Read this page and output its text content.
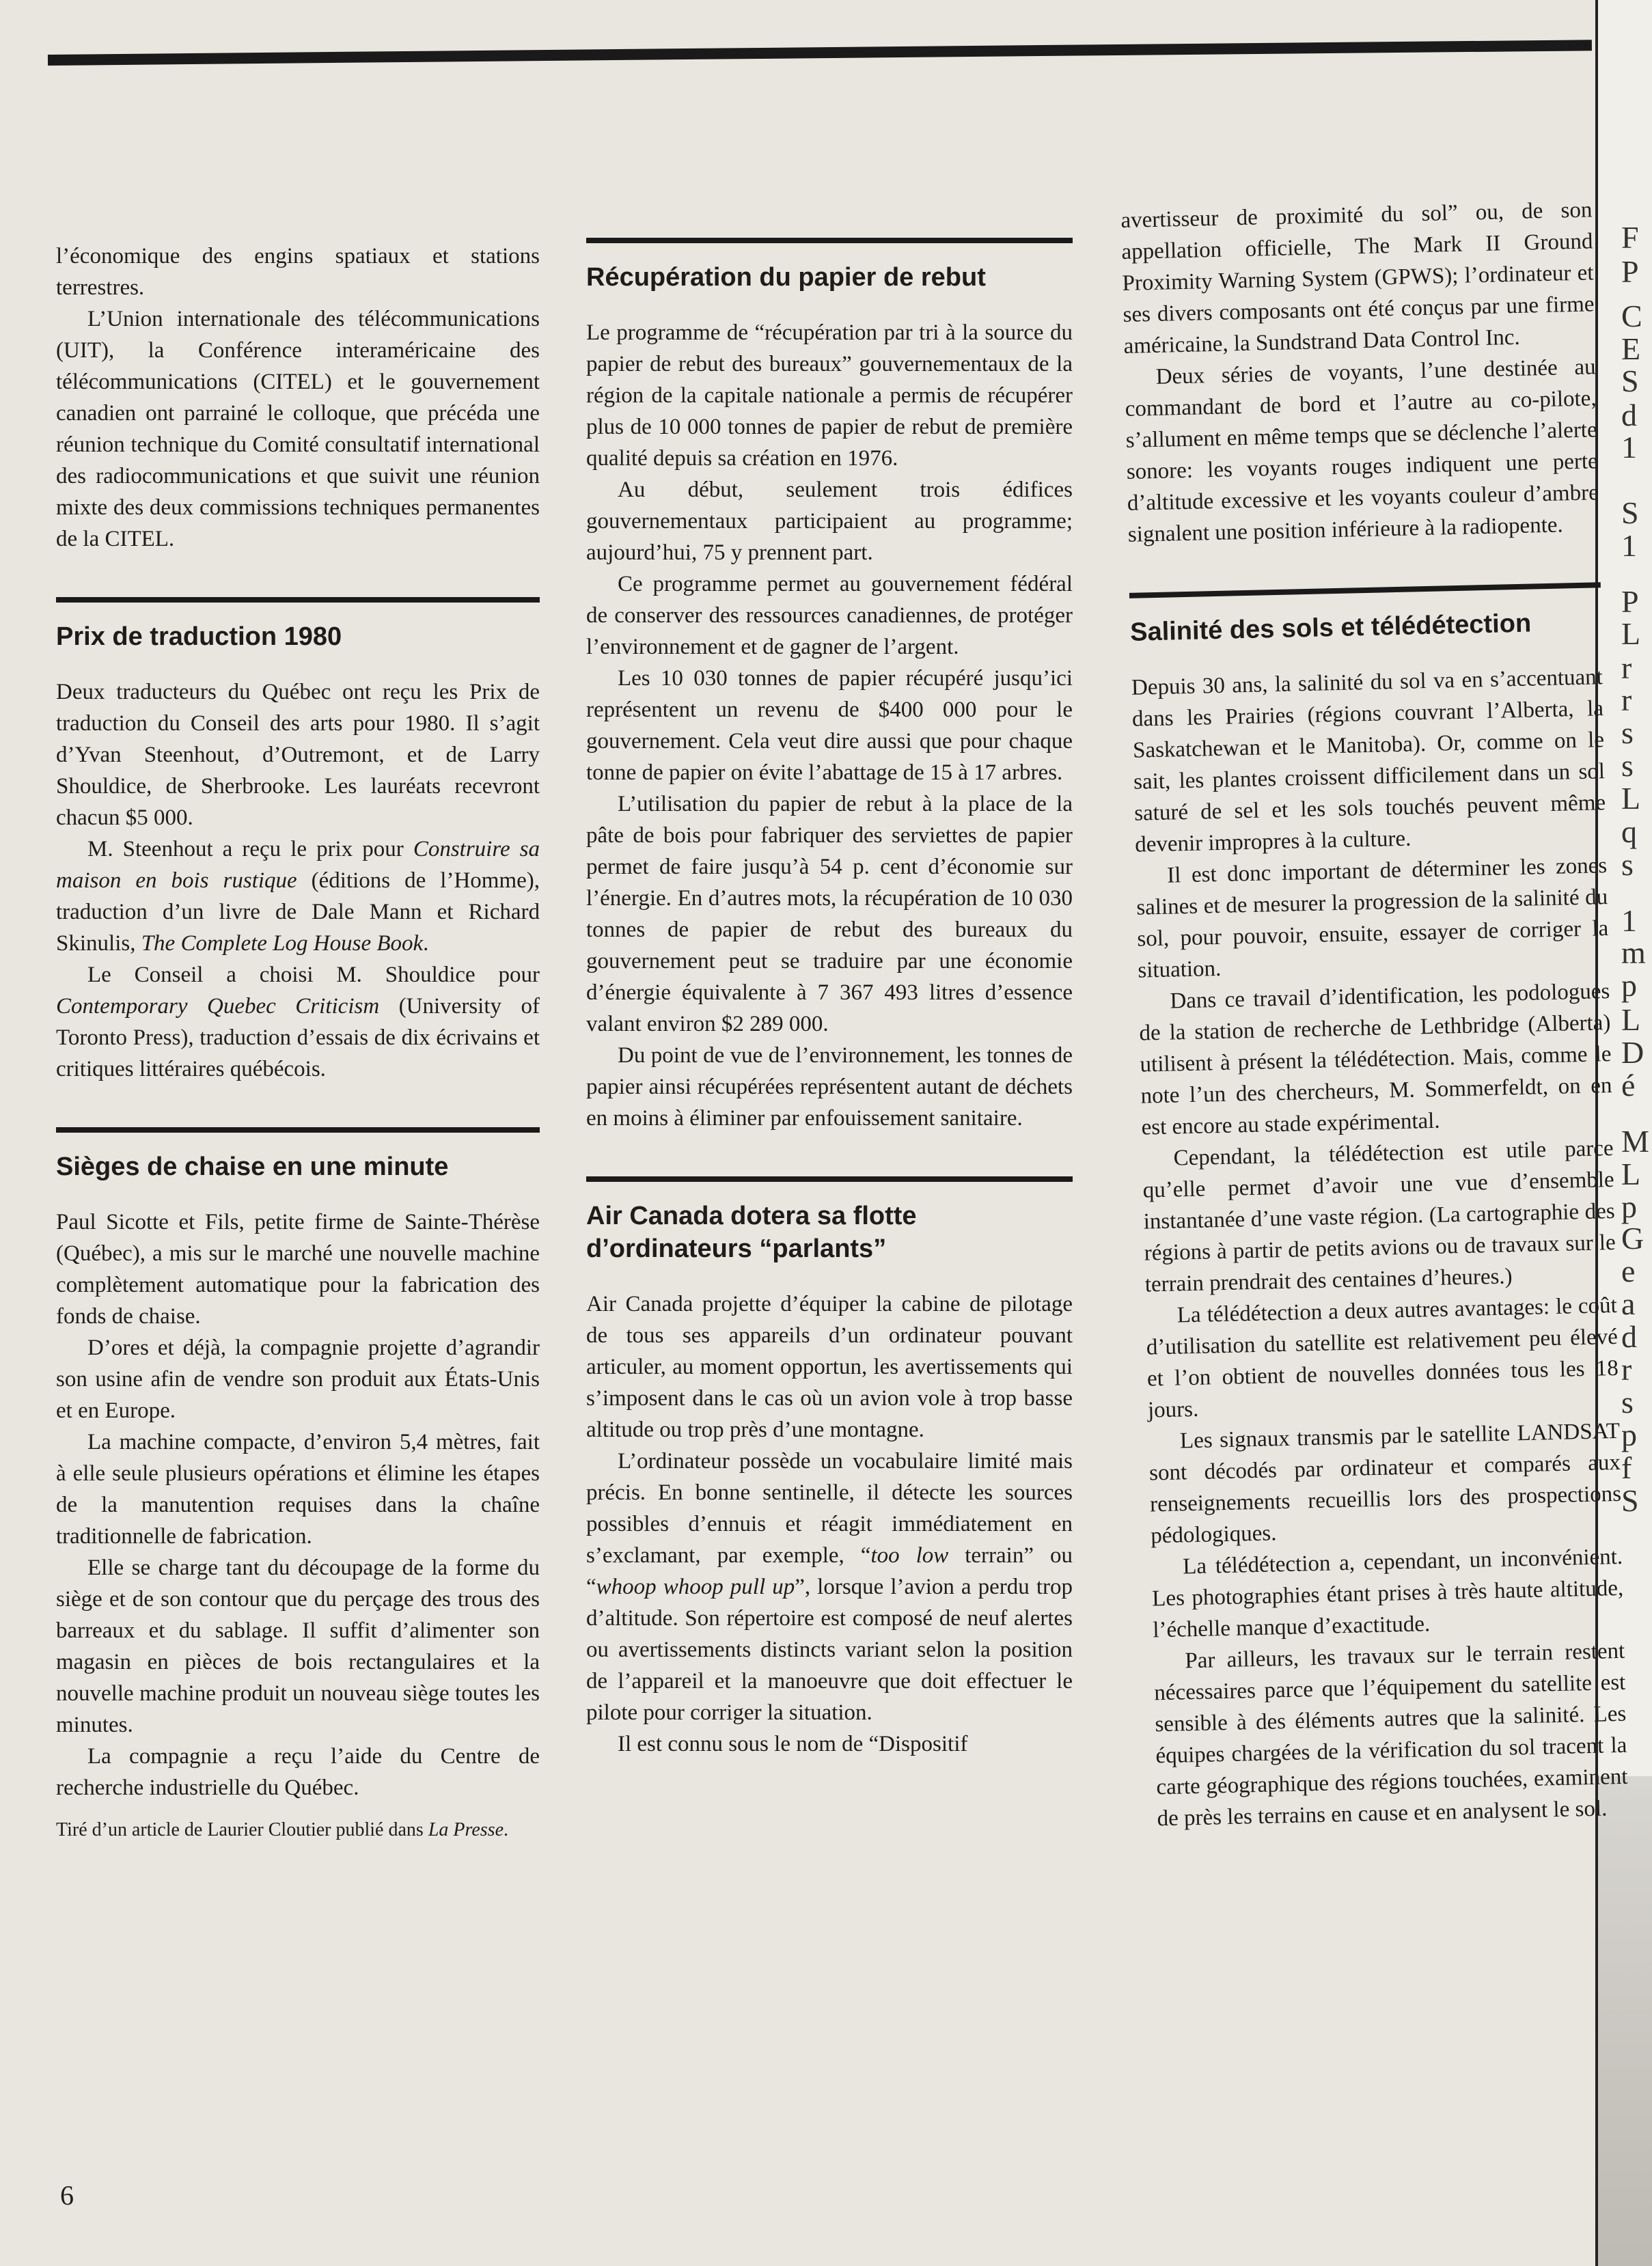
F
P
C
E
S
d
1
S
1
P
L
r
r
s
s
L
q
s
1
m
p
L
D
é
M
L
p
G
e
a
d
r
s
p
f
S

l’économique des engins spatiaux et stations terrestres.

L’Union internationale des télécommunications (UIT), la Conférence interaméricaine des télécommunications (CITEL) et le gouvernement canadien ont parrainé le colloque, que précéda une réunion technique du Comité consultatif international des radiocommunications et que suivit une réunion mixte des deux commissions techniques permanentes de la CITEL.

Prix de traduction 1980

Deux traducteurs du Québec ont reçu les Prix de traduction du Conseil des arts pour 1980. Il s’agit d’Yvan Steenhout, d’Outremont, et de Larry Shouldice, de Sherbrooke. Les lauréats recevront chacun $5 000.

M. Steenhout a reçu le prix pour Construire sa maison en bois rustique (éditions de l’Homme), traduction d’un livre de Dale Mann et Richard Skinulis, The Complete Log House Book.

Le Conseil a choisi M. Shouldice pour Contemporary Quebec Criticism (University of Toronto Press), traduction d’essais de dix écrivains et critiques littéraires québécois.

Sièges de chaise en une minute

Paul Sicotte et Fils, petite firme de Sainte-Thérèse (Québec), a mis sur le marché une nouvelle machine complètement automatique pour la fabrication des fonds de chaise.

D’ores et déjà, la compagnie projette d’agrandir son usine afin de vendre son produit aux États-Unis et en Europe.

La machine compacte, d’environ 5,4 mètres, fait à elle seule plusieurs opérations et élimine les étapes de la manutention requises dans la chaîne traditionnelle de fabrication.

Elle se charge tant du découpage de la forme du siège et de son contour que du perçage des trous des barreaux et du sablage. Il suffit d’alimenter son magasin en pièces de bois rectangulaires et la nouvelle machine produit un nouveau siège toutes les minutes.

La compagnie a reçu l’aide du Centre de recherche industrielle du Québec.

Tiré d’un article de Laurier Cloutier publié dans La Presse.

Récupération du papier de rebut

Le programme de “récupération par tri à la source du papier de rebut des bureaux” gouvernementaux de la région de la capitale nationale a permis de récupérer plus de 10 000 tonnes de papier de rebut de première qualité depuis sa création en 1976.

Au début, seulement trois édifices gouvernementaux participaient au programme; aujourd’hui, 75 y prennent part.

Ce programme permet au gouvernement fédéral de conserver des ressources canadiennes, de protéger l’environnement et de gagner de l’argent.

Les 10 030 tonnes de papier récupéré jusqu’ici représentent un revenu de $400 000 pour le gouvernement. Cela veut dire aussi que pour chaque tonne de papier on évite l’abattage de 15 à 17 arbres.

L’utilisation du papier de rebut à la place de la pâte de bois pour fabriquer des serviettes de papier permet de faire jusqu’à 54 p. cent d’économie sur l’énergie. En d’autres mots, la récupération de 10 030 tonnes de papier de rebut des bureaux du gouvernement peut se traduire par une économie d’énergie équivalente à 7 367 493 litres d’essence valant environ $2 289 000.

Du point de vue de l’environnement, les tonnes de papier ainsi récupérées représentent autant de déchets en moins à éliminer par enfouissement sanitaire.

Air Canada dotera sa flotte d’ordinateurs “parlants”

Air Canada projette d’équiper la cabine de pilotage de tous ses appareils d’un ordinateur pouvant articuler, au moment opportun, les avertissements qui s’imposent dans le cas où un avion vole à trop basse altitude ou trop près d’une montagne.

L’ordinateur possède un vocabulaire limité mais précis. En bonne sentinelle, il détecte les sources possibles d’ennuis et réagit immédiatement en s’exclamant, par exemple, “too low terrain” ou “whoop whoop pull up”, lorsque l’avion a perdu trop d’altitude. Son répertoire est composé de neuf alertes ou avertissements distincts variant selon la position de l’appareil et la manoeuvre que doit effectuer le pilote pour corriger la situation.

Il est connu sous le nom de “Dispositif

avertisseur de proximité du sol” ou, de son appellation officielle, The Mark II Ground Proximity Warning System (GPWS); l’ordinateur et ses divers composants ont été conçus par une firme américaine, la Sundstrand Data Control Inc.

Deux séries de voyants, l’une destinée au commandant de bord et l’autre au co-pilote, s’allument en même temps que se déclenche l’alerte sonore: les voyants rouges indiquent une perte d’altitude excessive et les voyants couleur d’ambre signalent une position inférieure à la radiopente.

Salinité des sols et télédétection

Depuis 30 ans, la salinité du sol va en s’accentuant dans les Prairies (régions couvrant l’Alberta, la Saskatchewan et le Manitoba). Or, comme on le sait, les plantes croissent difficilement dans un sol saturé de sel et les sols touchés peuvent même devenir impropres à la culture.

Il est donc important de déterminer les zones salines et de mesurer la progression de la salinité du sol, pour pouvoir, ensuite, essayer de corriger la situation.

Dans ce travail d’identification, les podologues de la station de recherche de Lethbridge (Alberta) utilisent à présent la télédétection. Mais, comme le note l’un des chercheurs, M. Sommerfeldt, on en est encore au stade expérimental.

Cependant, la télédétection est utile parce qu’elle permet d’avoir une vue d’ensemble instantanée d’une vaste région. (La cartographie des régions à partir de petits avions ou de travaux sur le terrain prendrait des centaines d’heures.)

La télédétection a deux autres avantages: le coût d’utilisation du satellite est relativement peu élevé et l’on obtient de nouvelles données tous les 18 jours.

Les signaux transmis par le satellite LANDSAT sont décodés par ordinateur et comparés aux renseignements recueillis lors des prospections pédologiques.

La télédétection a, cependant, un inconvénient. Les photographies étant prises à très haute altitude, l’échelle manque d’exactitude.

Par ailleurs, les travaux sur le terrain restent nécessaires parce que l’équipement du satellite est sensible à des éléments autres que la salinité. Les équipes chargées de la vérification du sol tracent la carte géographique des régions touchées, examinent de près les terrains en cause et en analysent le sol.

6
